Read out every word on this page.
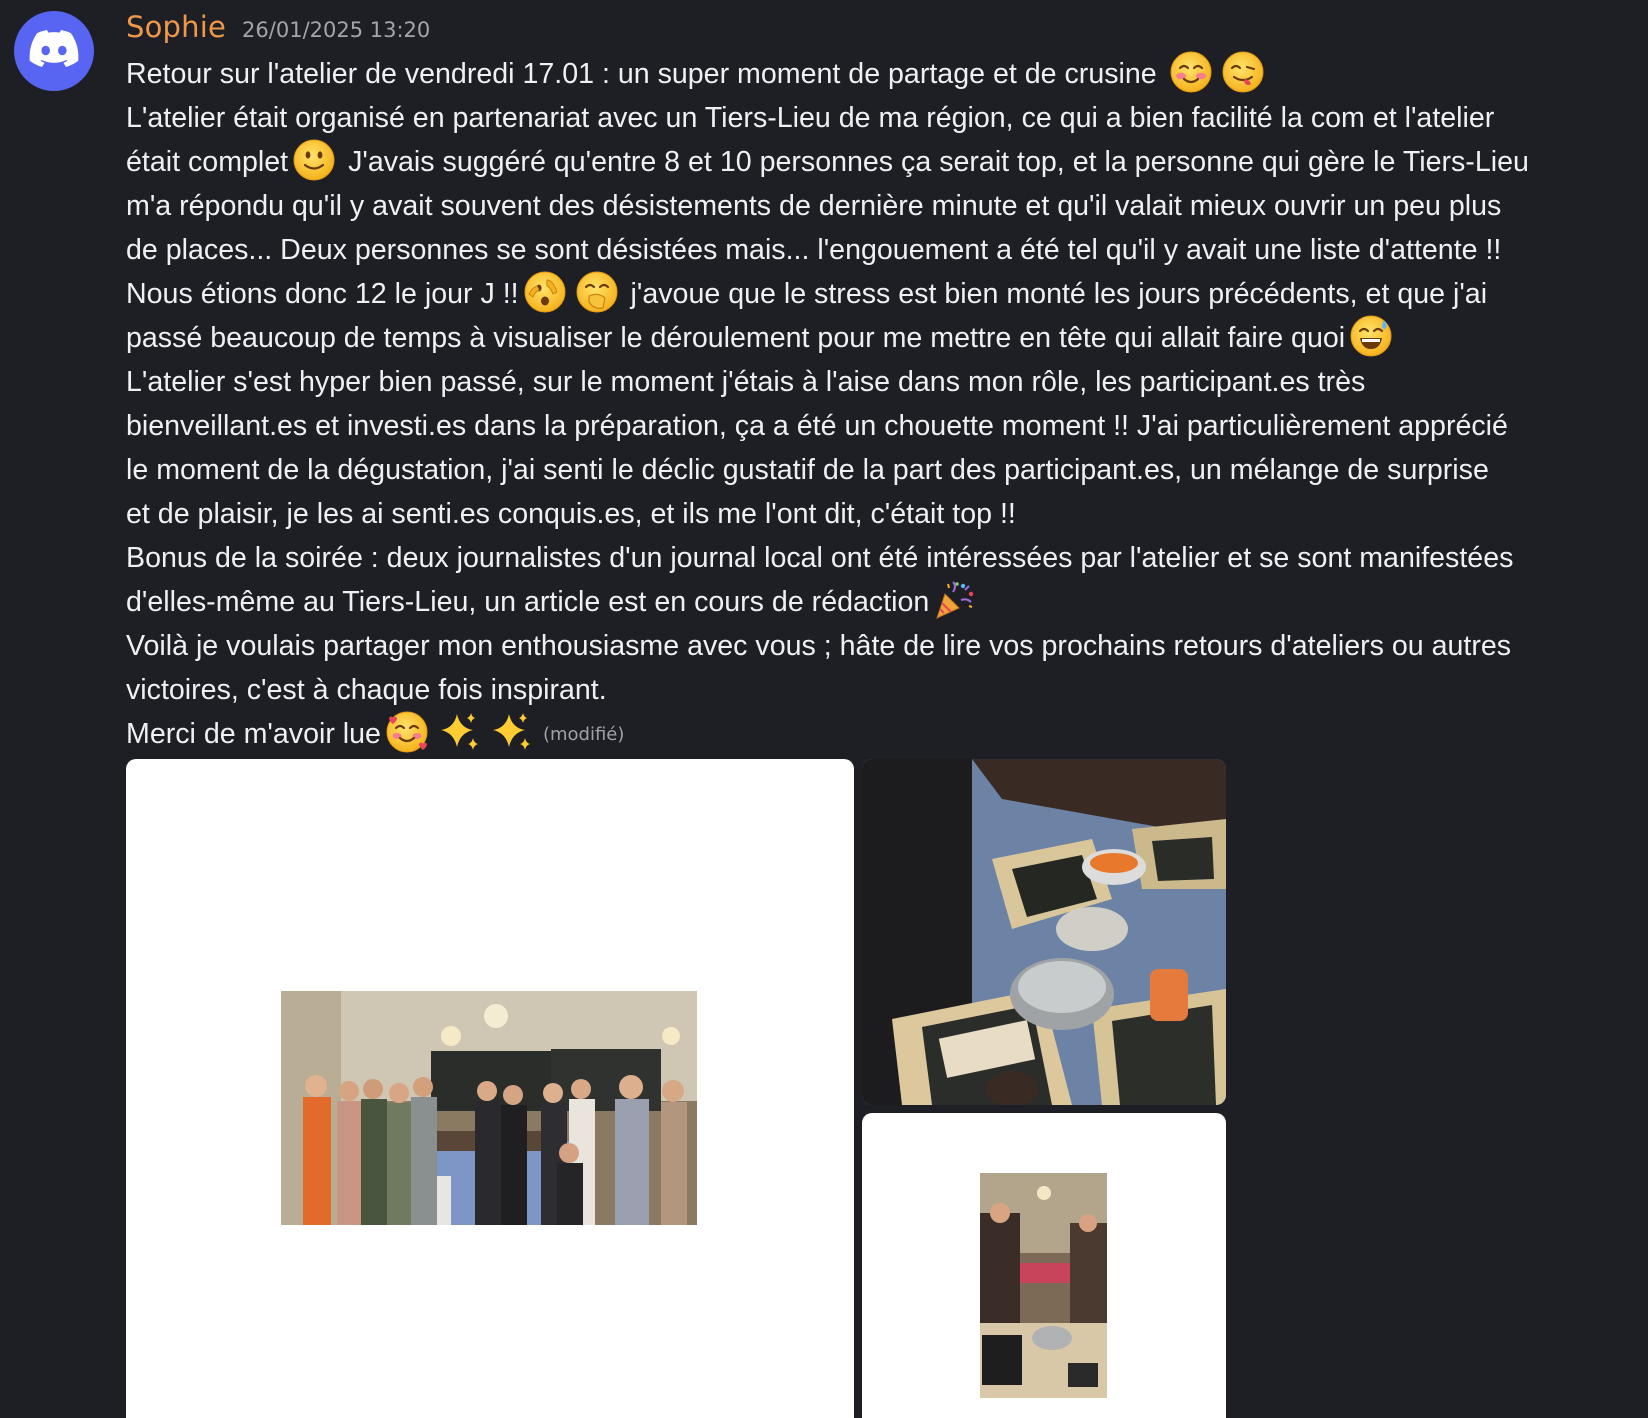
Sophie 26/01/2025 13:20
Retour sur l'atelier de vendredi 17.01 : un super moment de partage et de crusine
L'atelier était organisé en partenariat avec un Tiers-Lieu de ma région, ce qui a bien facilité la com et l'atelier
était complet J'avais suggéré qu'entre 8 et 10 personnes ça serait top, et la personne qui gère le Tiers-Lieu
m'a répondu qu'il y avait souvent des désistements de dernière minute et qu'il valait mieux ouvrir un peu plus
de places... Deux personnes se sont désistées mais... l'engouement a été tel qu'il y avait une liste d'attente !!
Nous étions donc 12 le jour J !!	j'avoue que le stress est bien monté les jours précédents, et que j'ai
passé beaucoup de temps à visualiser le déroulement pour me mettre en tête qui allait faire quoi
L'atelier s'est hyper bien passé, sur le moment j'étais à l'aise dans mon rôle, les participant.es très
bienveillant.es et investi.es dans la préparation, ça a été un chouette moment !! J'ai particulièrement apprécié
le moment de la dégustation, j'ai senti le déclic gustatif de la part des participant.es, un mélange de surprise
et de plaisir, je les ai senti.es conquis.es, et ils me l'ont dit, c'était top !!
Bonus de la soirée : deux journalistes d'un journal local ont été intéressées par l'atelier et se sont manifestées
d'elles-même au Tiers-Lieu, un article est en cours de rédaction
Voilà je voulais partager mon enthousiasme avec vous ; hâte de lire vos prochains retours d'ateliers ou autres
victoires, c'est à chaque fois inspirant.
Merci de m'avoir lue	(modifié)
